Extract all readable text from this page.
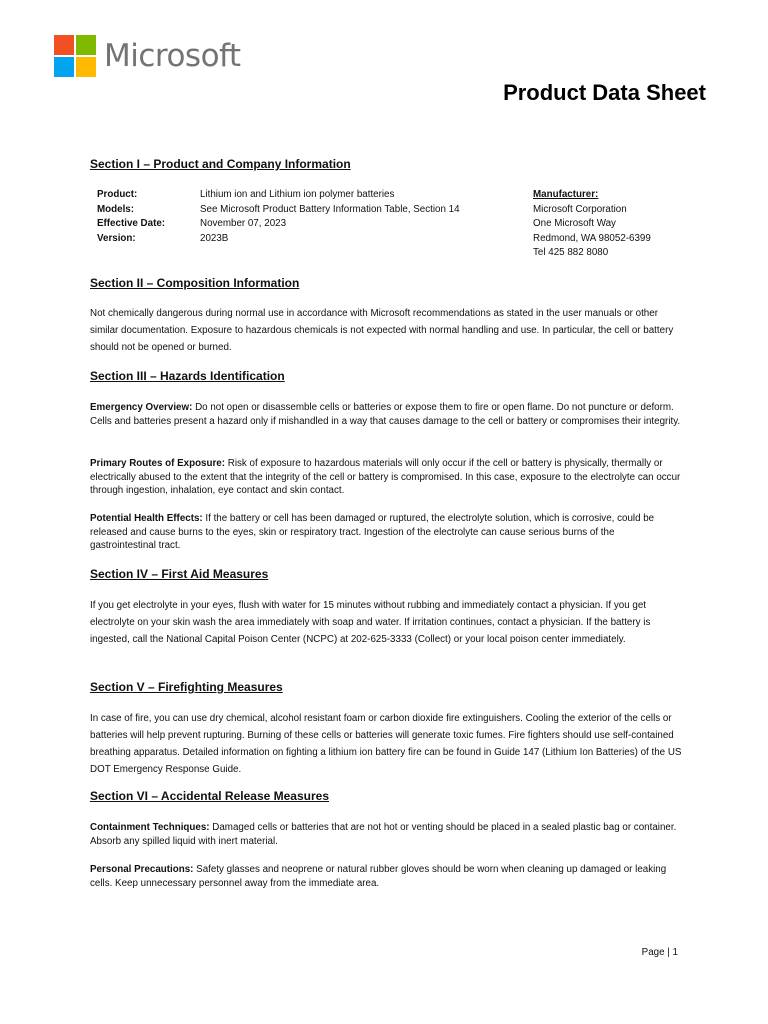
Microsoft
Product Data Sheet
Section I – Product and Company Information
Product:
Models:
Effective Date:
Version:
Lithium ion and Lithium ion polymer batteries
See Microsoft Product Battery Information Table, Section 14
November 07, 2023
2023B
Manufacturer:
Microsoft Corporation
One Microsoft Way
Redmond, WA 98052-6399
Tel 425 882 8080
Section II – Composition Information

Not chemically dangerous during normal use in accordance with Microsoft recommendations as stated in the user manuals or other similar documentation. Exposure to hazardous chemicals is not expected with normal handling and use. In particular, the cell or battery should not be opened or burned.

Section III – Hazards Identification

Emergency Overview: Do not open or disassemble cells or batteries or expose them to fire or open flame. Do not puncture or deform. Cells and batteries present a hazard only if mishandled in a way that causes damage to the cell or battery or compromises their integrity.

Primary Routes of Exposure: Risk of exposure to hazardous materials will only occur if the cell or battery is physically, thermally or electrically abused to the extent that the integrity of the cell or battery is compromised. In this case, exposure to the electrolyte can occur through ingestion, inhalation, eye contact and skin contact.

Potential Health Effects: If the battery or cell has been damaged or ruptured, the electrolyte solution, which is corrosive, could be released and cause burns to the eyes, skin or respiratory tract. Ingestion of the electrolyte can cause serious burns of the gastrointestinal tract.

Section IV – First Aid Measures

If you get electrolyte in your eyes, flush with water for 15 minutes without rubbing and immediately contact a physician. If you get electrolyte on your skin wash the area immediately with soap and water. If irritation continues, contact a physician. If the battery is ingested, call the National Capital Poison Center (NCPC) at 202-625-3333 (Collect) or your local poison center immediately.

Section V – Firefighting Measures

In case of fire, you can use dry chemical, alcohol resistant foam or carbon dioxide fire extinguishers. Cooling the exterior of the cells or batteries will help prevent rupturing. Burning of these cells or batteries will generate toxic fumes. Fire fighters should use self-contained breathing apparatus. Detailed information on fighting a lithium ion battery fire can be found in Guide 147 (Lithium Ion Batteries) of the US DOT Emergency Response Guide.

Section VI – Accidental Release Measures

Containment Techniques: Damaged cells or batteries that are not hot or venting should be placed in a sealed plastic bag or container. Absorb any spilled liquid with inert material.

Personal Precautions: Safety glasses and neoprene or natural rubber gloves should be worn when cleaning up damaged or leaking cells. Keep unnecessary personnel away from the immediate area.

Page | 1
